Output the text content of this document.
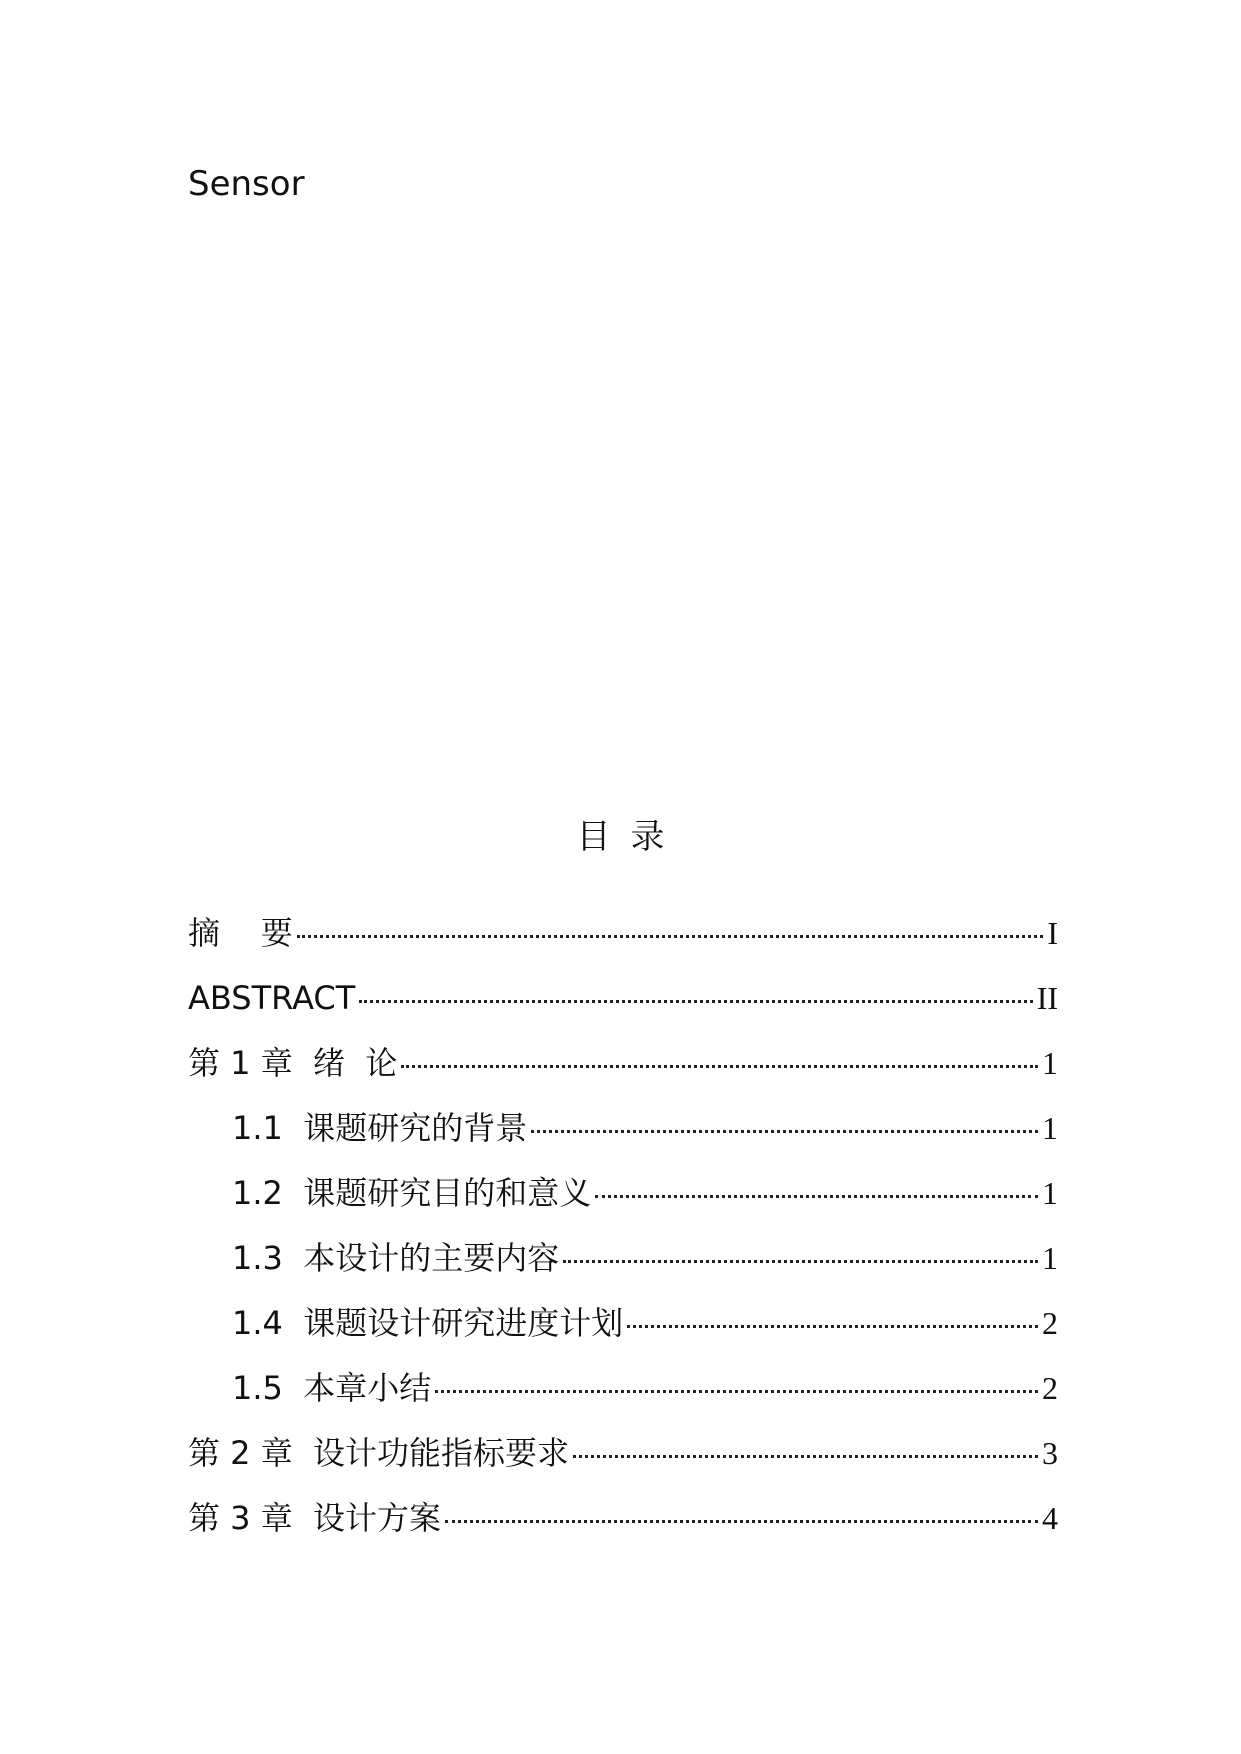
Sensor
目录
摘    要	I
ABSTRACT	II
第 1 章  绪  论	1
1.1  课题研究的背景	1
1.2  课题研究目的和意义	1
1.3  本设计的主要内容	1
1.4  课题设计研究进度计划	2
1.5  本章小结	2
第 2 章  设计功能指标要求	3
第 3 章  设计方案	4
